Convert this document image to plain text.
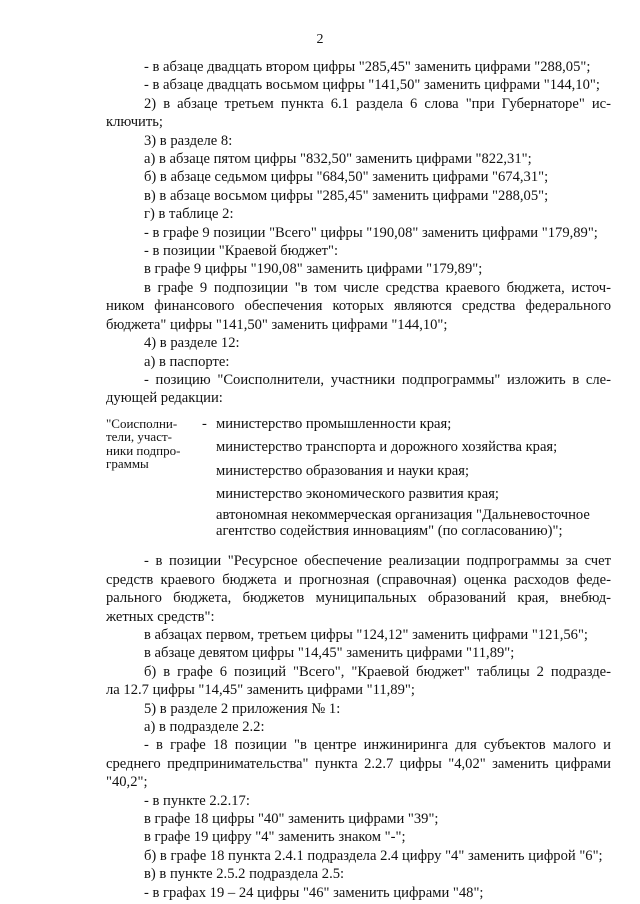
2
- в абзаце двадцать втором цифры "285,45" заменить цифрами "288,05";
- в абзаце двадцать восьмом цифры "141,50" заменить цифрами "144,10";
2) в абзаце третьем пункта 6.1 раздела 6 слова "при Губернаторе" ис-
ключить;
3) в разделе 8:
а) в абзаце пятом цифры "832,50" заменить цифрами "822,31";
б) в абзаце седьмом цифры "684,50" заменить цифрами "674,31";
в) в абзаце восьмом цифры "285,45" заменить цифрами "288,05";
г) в таблице 2:
- в графе 9 позиции "Всего" цифры "190,08" заменить цифрами "179,89";
- в позиции "Краевой бюджет":
в графе 9 цифры "190,08" заменить цифрами "179,89";
в графе 9 подпозиции "в том числе средства краевого бюджета, источ-
ником финансового обеспечения которых являются средства федерального
бюджета" цифры "141,50" заменить цифрами "144,10";
4) в разделе 12:
а) в паспорте:
- позицию "Соисполнители, участники подпрограммы" изложить в сле-
дующей редакции:
"Соисполни-
тели, участ-
ники подпро-
граммы
- министерство промышленности края;
министерство транспорта и дорожного хозяйства края;
министерство образования и науки края;
министерство экономического развития края;
автономная некоммерческая организация "Дальневосточное агентство содействия инновациям" (по согласованию)";
- в позиции "Ресурсное обеспечение реализации подпрограммы за счет
средств краевого бюджета и прогнозная (справочная) оценка расходов феде-
рального бюджета, бюджетов муниципальных образований края, внебюд-
жетных средств":
в абзацах первом, третьем цифры "124,12" заменить цифрами "121,56";
в абзаце девятом цифры "14,45" заменить цифрами "11,89";
б) в графе 6 позиций "Всего", "Краевой бюджет" таблицы 2 подразде-
ла 12.7 цифры "14,45" заменить цифрами "11,89";
5) в разделе 2 приложения № 1:
а) в подразделе 2.2:
- в графе 18 позиции "в центре инжиниринга для субъектов малого и
среднего предпринимательства" пункта 2.2.7 цифры "4,02" заменить цифрами
"40,2";
- в пункте 2.2.17:
в графе 18 цифры "40" заменить цифрами "39";
в графе 19 цифру "4" заменить знаком "-";
б) в графе 18 пункта 2.4.1 подраздела 2.4 цифру "4" заменить цифрой "6";
в) в пункте 2.5.2 подраздела 2.5:
- в графах 19 – 24 цифры "46" заменить цифрами "48";
